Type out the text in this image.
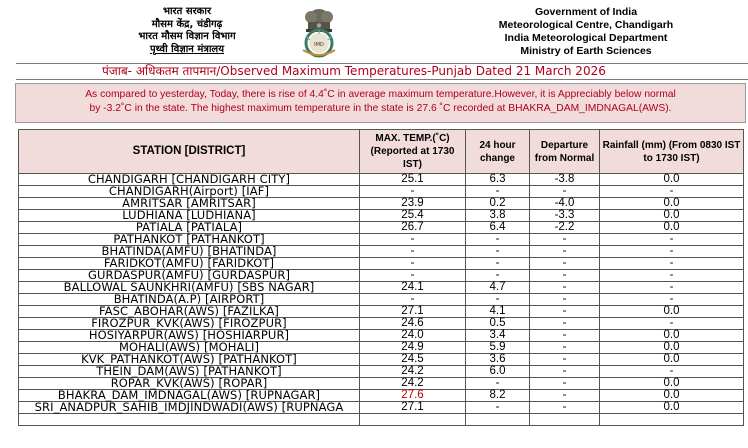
भारत सरकार
मौसम केंद्र, चंडीगढ़
भारत मौसम विज्ञान विभाग
पृथ्वी विज्ञान मंत्रालय	IMD
Government of India
Meteorological Centre, Chandigarh
India Meteorological Department
Ministry of Earth Sciences
पंजाब- अधिकतम तापमान/Observed Maximum Temperatures-Punjab Dated 21 March 2026
As compared to yesterday, Today, there is rise of 4.4˚C in average maximum temperature.However, it is Appreciably below normal
by -3.2˚C in the state. The highest maximum temperature in the state is 27.6 ˚C recorded at BHAKRA_DAM_IMDNAGAL(AWS).
STATION [DISTRICT]	MAX. TEMP.(˚C) (Reported at 1730 IST)	24 hour change	Departure from Normal	Rainfall (mm) (From 0830 IST to 1730 IST)
CHANDIGARH [CHANDIGARH CITY]	25.1	6.3	-3.8	0.0
CHANDIGARH(Airport) [IAF]	-	-	-	-
AMRITSAR [AMRITSAR]	23.9	0.2	-4.0	0.0
LUDHIANA [LUDHIANA]	25.4	3.8	-3.3	0.0
PATIALA [PATIALA]	26.7	6.4	-2.2	0.0
PATHANKOT [PATHANKOT]	-	-	-	-
BHATINDA(AMFU) [BHATINDA]	-	-	-	-
FARIDKOT(AMFU) [FARIDKOT]	-	-	-	-
GURDASPUR(AMFU) [GURDASPUR]	-	-	-	-
BALLOWAL SAUNKHRI(AMFU) [SBS NAGAR]	24.1	4.7	-	-
BHATINDA(A.P) [AIRPORT]	-	-	-	-
FASC_ABOHAR(AWS) [FAZILKA]	27.1	4.1	-	0.0
FIROZPUR_KVK(AWS) [FIROZPUR]	24.6	0.5	-	-
HOSIYARPUR(AWS) [HOSHIARPUR]	24.0	3.4	-	0.0
MOHALI(AWS) [MOHALI]	24.9	5.9	-	0.0
KVK_PATHANKOT(AWS) [PATHANKOT]	24.5	3.6	-	0.0
THEIN_DAM(AWS) [PATHANKOT]	24.2	6.0	-	-
ROPAR_KVK(AWS) [ROPAR]	24.2	-	-	0.0
BHAKRA_DAM_IMDNAGAL(AWS) [RUPNAGAR]	27.6	8.2	-	0.0
SRI_ANADPUR_SAHIB_IMDJINDWADI(AWS) [RUPNAGA	27.1	-	-	0.0
